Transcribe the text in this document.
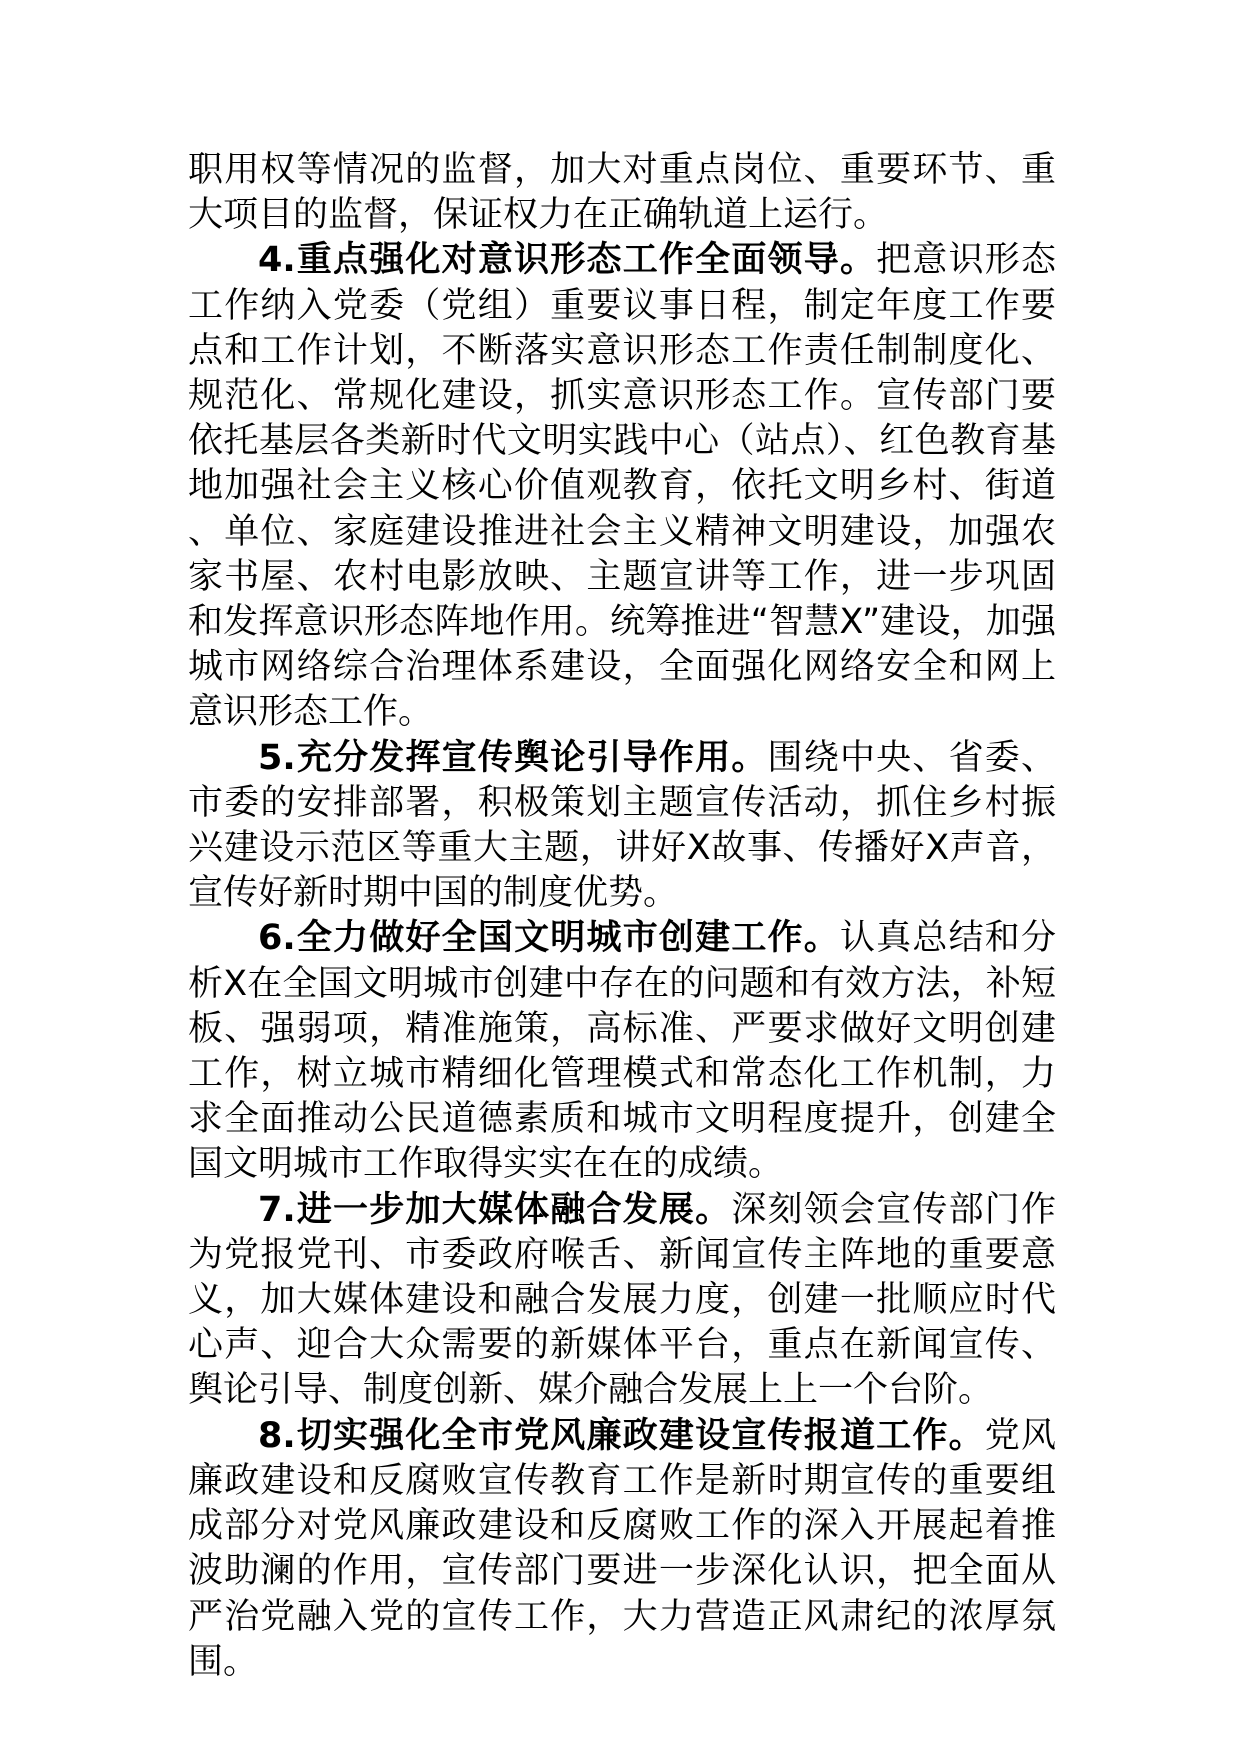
职用权等情况的监督，加大对重点岗位、重要环节、重大项目的监督，保证权力在正确轨道上运行。

4.重点强化对意识形态工作全面领导。把意识形态工作纳入党委（党组）重要议事日程，制定年度工作要点和工作计划，不断落实意识形态工作责任制制度化、规范化、常规化建设，抓实意识形态工作。宣传部门要依托基层各类新时代文明实践中心（站点）、红色教育基地加强社会主义核心价值观教育，依托文明乡村、街道、单位、家庭建设推进社会主义精神文明建设，加强农家书屋、农村电影放映、主题宣讲等工作，进一步巩固和发挥意识形态阵地作用。统筹推进“智慧X”建设，加强城市网络综合治理体系建设，全面强化网络安全和网上意识形态工作。

5.充分发挥宣传舆论引导作用。围绕中央、省委、市委的安排部署，积极策划主题宣传活动，抓住乡村振兴建设示范区等重大主题，讲好X故事、传播好X声音，宣传好新时期中国的制度优势。

6.全力做好全国文明城市创建工作。认真总结和分析X在全国文明城市创建中存在的问题和有效方法，补短板、强弱项，精准施策，高标准、严要求做好文明创建工作，树立城市精细化管理模式和常态化工作机制，力求全面推动公民道德素质和城市文明程度提升，创建全国文明城市工作取得实实在在的成绩。

7.进一步加大媒体融合发展。深刻领会宣传部门作为党报党刊、市委政府喉舌、新闻宣传主阵地的重要意义，加大媒体建设和融合发展力度，创建一批顺应时代心声、迎合大众需要的新媒体平台，重点在新闻宣传、舆论引导、制度创新、媒介融合发展上上一个台阶。

8.切实强化全市党风廉政建设宣传报道工作。党风廉政建设和反腐败宣传教育工作是新时期宣传的重要组成部分对党风廉政建设和反腐败工作的深入开展起着推波助澜的作用，宣传部门要进一步深化认识，把全面从严治党融入党的宣传工作，大力营造正风肃纪的浓厚氛围。
